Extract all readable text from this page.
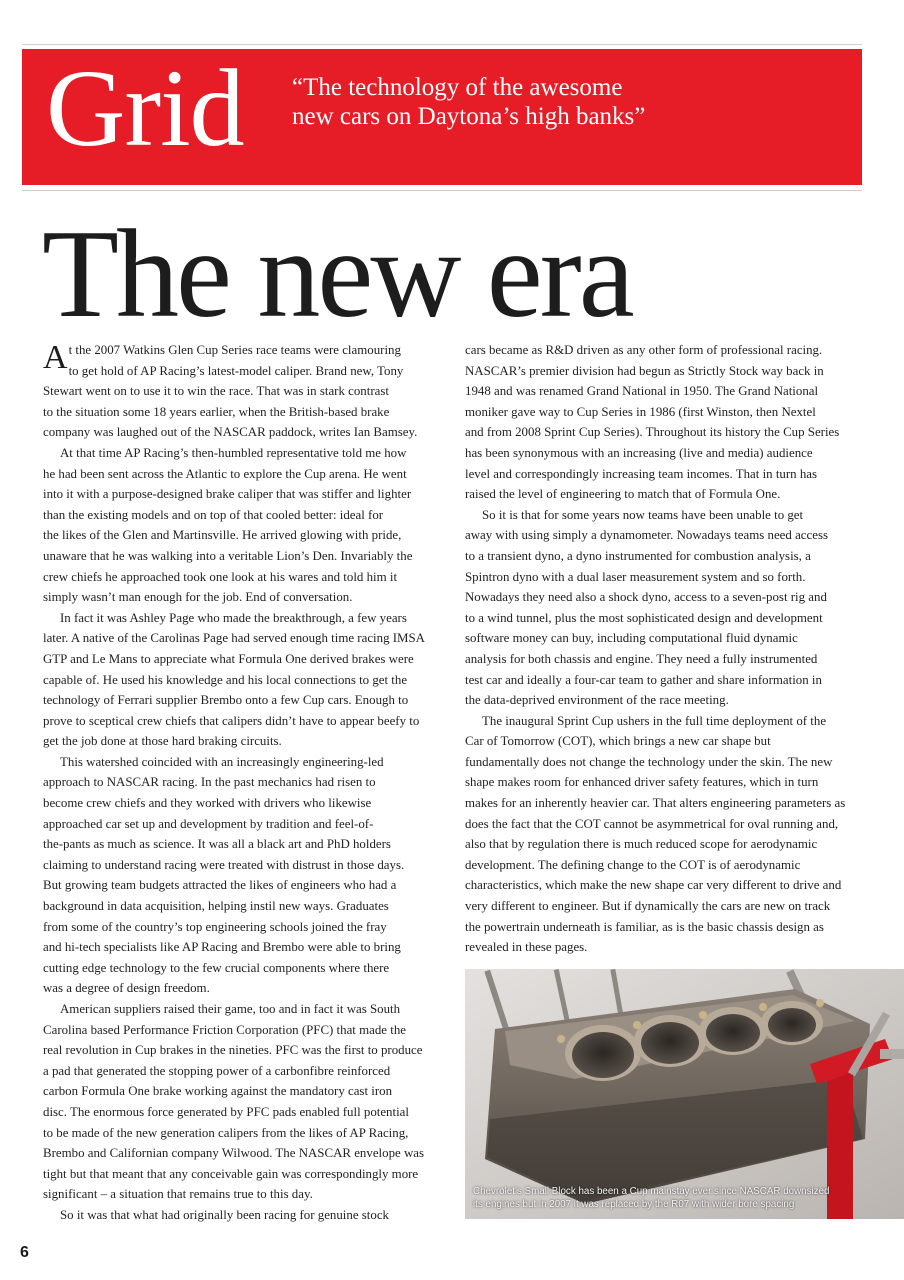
Grid “The technology of the awesome
new cars on Daytona’s high banks”
The new era
A t the 2007 Watkins Glen Cup Series race teams were clamouring
to get hold of AP Racing’s latest-model caliper. Brand new, Tony
Stewart went on to use it to win the race. That was in stark contrast
to the situation some 18 years earlier, when the British-based brake
company was laughed out of the NASCAR paddock, writes Ian Bamsey.
At that time AP Racing’s then-humbled representative told me how
he had been sent across the Atlantic to explore the Cup arena. He went
into it with a purpose-designed brake caliper that was stiffer and lighter
than the existing models and on top of that cooled better: ideal for
the likes of the Glen and Martinsville. He arrived glowing with pride,
unaware that he was walking into a veritable Lion’s Den. Invariably the
crew chiefs he approached took one look at his wares and told him it
simply wasn’t man enough for the job. End of conversation.
In fact it was Ashley Page who made the breakthrough, a few years
later. A native of the Carolinas Page had served enough time racing IMSA
GTP and Le Mans to appreciate what Formula One derived brakes were
capable of. He used his knowledge and his local connections to get the
technology of Ferrari supplier Brembo onto a few Cup cars. Enough to
prove to sceptical crew chiefs that calipers didn’t have to appear beefy to
get the job done at those hard braking circuits.
This watershed coincided with an increasingly engineering-led
approach to NASCAR racing. In the past mechanics had risen to
become crew chiefs and they worked with drivers who likewise
approached car set up and development by tradition and feel-of-
the-pants as much as science. It was all a black art and PhD holders
claiming to understand racing were treated with distrust in those days.
But growing team budgets attracted the likes of engineers who had a
background in data acquisition, helping instil new ways. Graduates
from some of the country’s top engineering schools joined the fray
and hi-tech specialists like AP Racing and Brembo were able to bring
cutting edge technology to the few crucial components where there
was a degree of design freedom.
American suppliers raised their game, too and in fact it was South
Carolina based Performance Friction Corporation (PFC) that made the
real revolution in Cup brakes in the nineties. PFC was the first to produce
a pad that generated the stopping power of a carbonfibre reinforced
carbon Formula One brake working against the mandatory cast iron
disc. The enormous force generated by PFC pads enabled full potential
to be made of the new generation calipers from the likes of AP Racing,
Brembo and Californian company Wilwood. The NASCAR envelope was
tight but that meant that any conceivable gain was correspondingly more
significant – a situation that remains true to this day.
So it was that what had originally been racing for genuine stock
cars became as R&D driven as any other form of professional racing.
NASCAR’s premier division had begun as Strictly Stock way back in
1948 and was renamed Grand National in 1950. The Grand National
moniker gave way to Cup Series in 1986 (first Winston, then Nextel
and from 2008 Sprint Cup Series). Throughout its history the Cup Series
has been synonymous with an increasing (live and media) audience
level and correspondingly increasing team incomes. That in turn has
raised the level of engineering to match that of Formula One.
So it is that for some years now teams have been unable to get
away with using simply a dynamometer. Nowadays teams need access
to a transient dyno, a dyno instrumented for combustion analysis, a
Spintron dyno with a dual laser measurement system and so forth.
Nowadays they need also a shock dyno, access to a seven-post rig and
to a wind tunnel, plus the most sophisticated design and development
software money can buy, including computational fluid dynamic
analysis for both chassis and engine. They need a fully instrumented
test car and ideally a four-car team to gather and share information in
the data-deprived environment of the race meeting.
The inaugural Sprint Cup ushers in the full time deployment of the
Car of Tomorrow (COT), which brings a new car shape but
fundamentally does not change the technology under the skin. The new
shape makes room for enhanced driver safety features, which in turn
makes for an inherently heavier car. That alters engineering parameters as
does the fact that the COT cannot be asymmetrical for oval running and,
also that by regulation there is much reduced scope for aerodynamic
development. The defining change to the COT is of aerodynamic
characteristics, which make the new shape car very different to drive and
very different to engineer. But if dynamically the cars are new on track
the powertrain underneath is familiar, as is the basic chassis design as
revealed in these pages.
Chevrolet’s Small Block has been a Cup mainstay ever since NASCAR downsized
its engines but in 2007 it was replaced by the R07 with wider bore spacing
6
